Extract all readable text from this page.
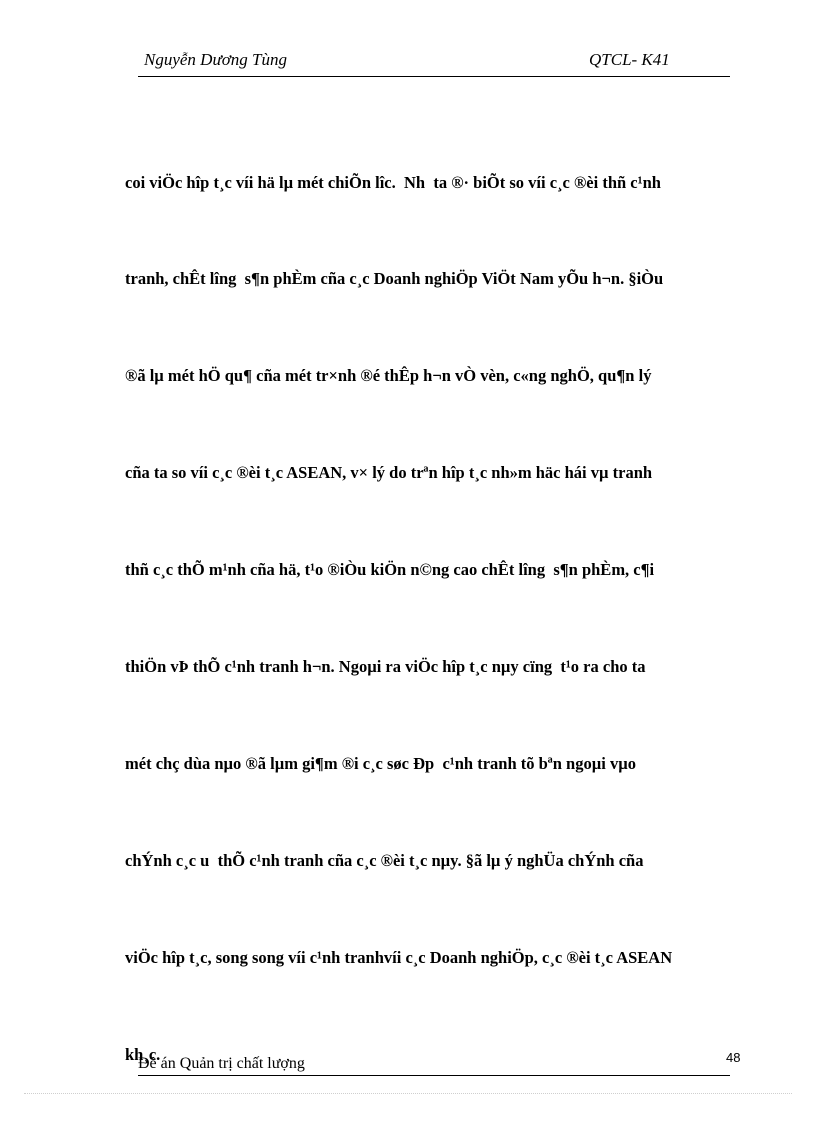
Nguyễn Dương Tùng	QTCL- K41

coi viÖc hîp t¸c víi hä lµ mét chiÕn lîc.  Nh  ta ®· biÕt so víi c¸c ®èi thñ c¹nh

tranh, chÊt lîng  s¶n phÈm cña c¸c Doanh nghiÖp ViÖt Nam yÕu h¬n. §iÒu

®ã lµ mét hÖ qu¶ cña mét tr×nh ®é thÊp h¬n vÒ vèn, c«ng nghÖ, qu¶n lý

cña ta so víi c¸c ®èi t¸c ASEAN, v× lý do trªn hîp t¸c nh»m häc hái vµ tranh

thñ c¸c thÕ m¹nh cña hä, t¹o ®iÒu kiÖn n©ng cao chÊt lîng  s¶n phÈm, c¶i

thiÖn vÞ thÕ c¹nh tranh h¬n. Ngoµi ra viÖc hîp t¸c nµy cïng  t¹o ra cho ta

mét chç dùa nµo ®ã lµm gi¶m ®i c¸c søc Ðp  c¹nh tranh tõ bªn ngoµi vµo

chÝnh c¸c u  thÕ c¹nh tranh cña c¸c ®èi t¸c nµy. §ã lµ ý nghÜa chÝnh cña

viÖc hîp t¸c, song song víi c¹nh tranhvíi c¸c Doanh nghiÖp, c¸c ®èi t¸c ASEAN

kh¸c.

Đề án Quản trị chất lượng	48
